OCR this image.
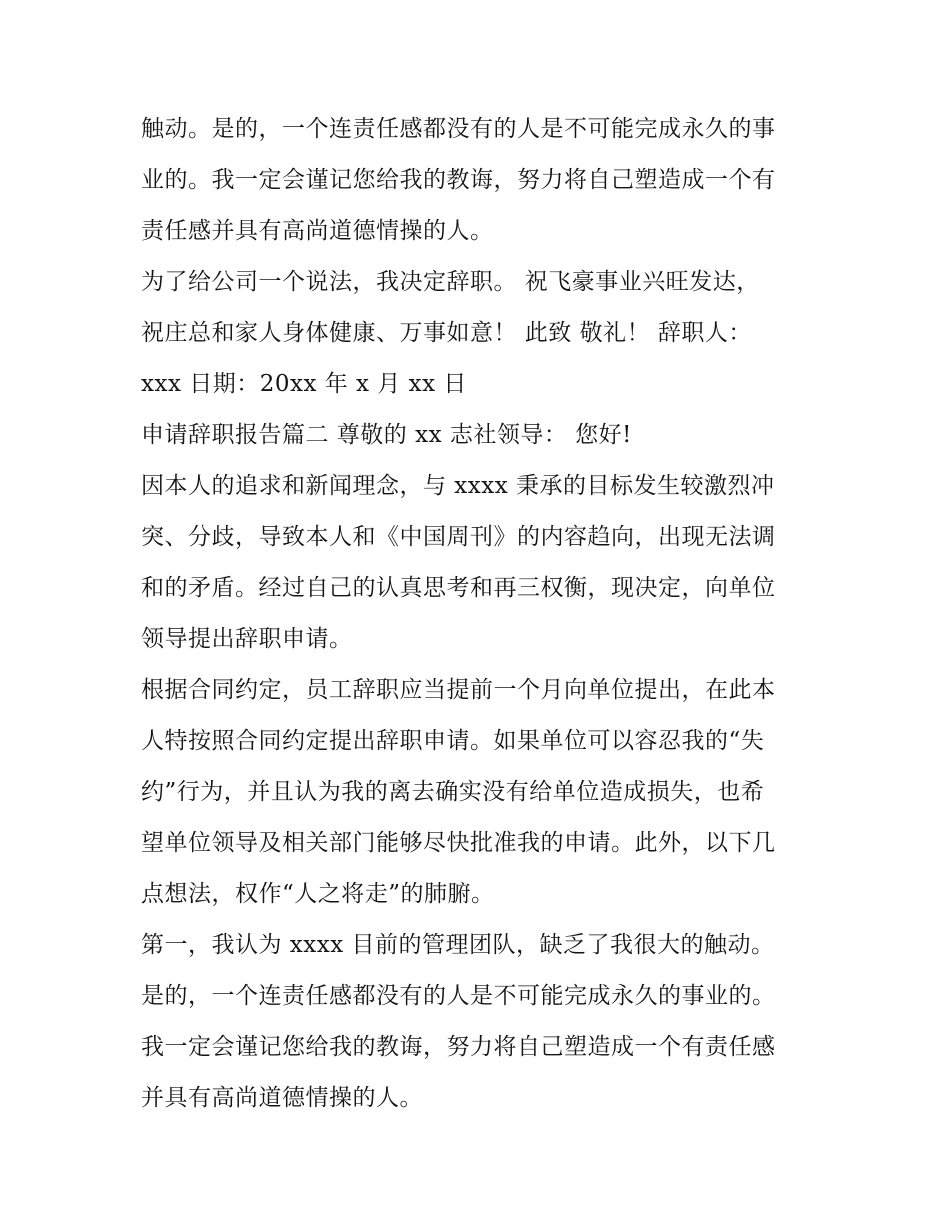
触动。是的，一个连责任感都没有的人是不可能完成永久的事
业的。我一定会谨记您给我的教诲，努力将自己塑造成一个有
责任感并具有高尚道德情操的人。
为了给公司一个说法，我决定辞职。 祝飞豪事业兴旺发达，
祝庄总和家人身体健康、万事如意！ 此致 敬礼！ 辞职人：
xxx 日期：20xx 年 x 月 xx 日
申请辞职报告篇二 尊敬的 xx 志社领导： 您好!
因本人的追求和新闻理念，与 xxxx 秉承的目标发生较激烈冲
突、分歧，导致本人和《中国周刊》的内容趋向，出现无法调
和的矛盾。经过自己的认真思考和再三权衡，现决定，向单位
领导提出辞职申请。
根据合同约定，员工辞职应当提前一个月向单位提出，在此本
人特按照合同约定提出辞职申请。如果单位可以容忍我的“失
约”行为，并且认为我的离去确实没有给单位造成损失，也希
望单位领导及相关部门能够尽快批准我的申请。此外，以下几
点想法，权作“人之将走”的肺腑。
第一，我认为 xxxx 目前的管理团队，缺乏了我很大的触动。
是的，一个连责任感都没有的人是不可能完成永久的事业的。
我一定会谨记您给我的教诲，努力将自己塑造成一个有责任感
并具有高尚道德情操的人。
